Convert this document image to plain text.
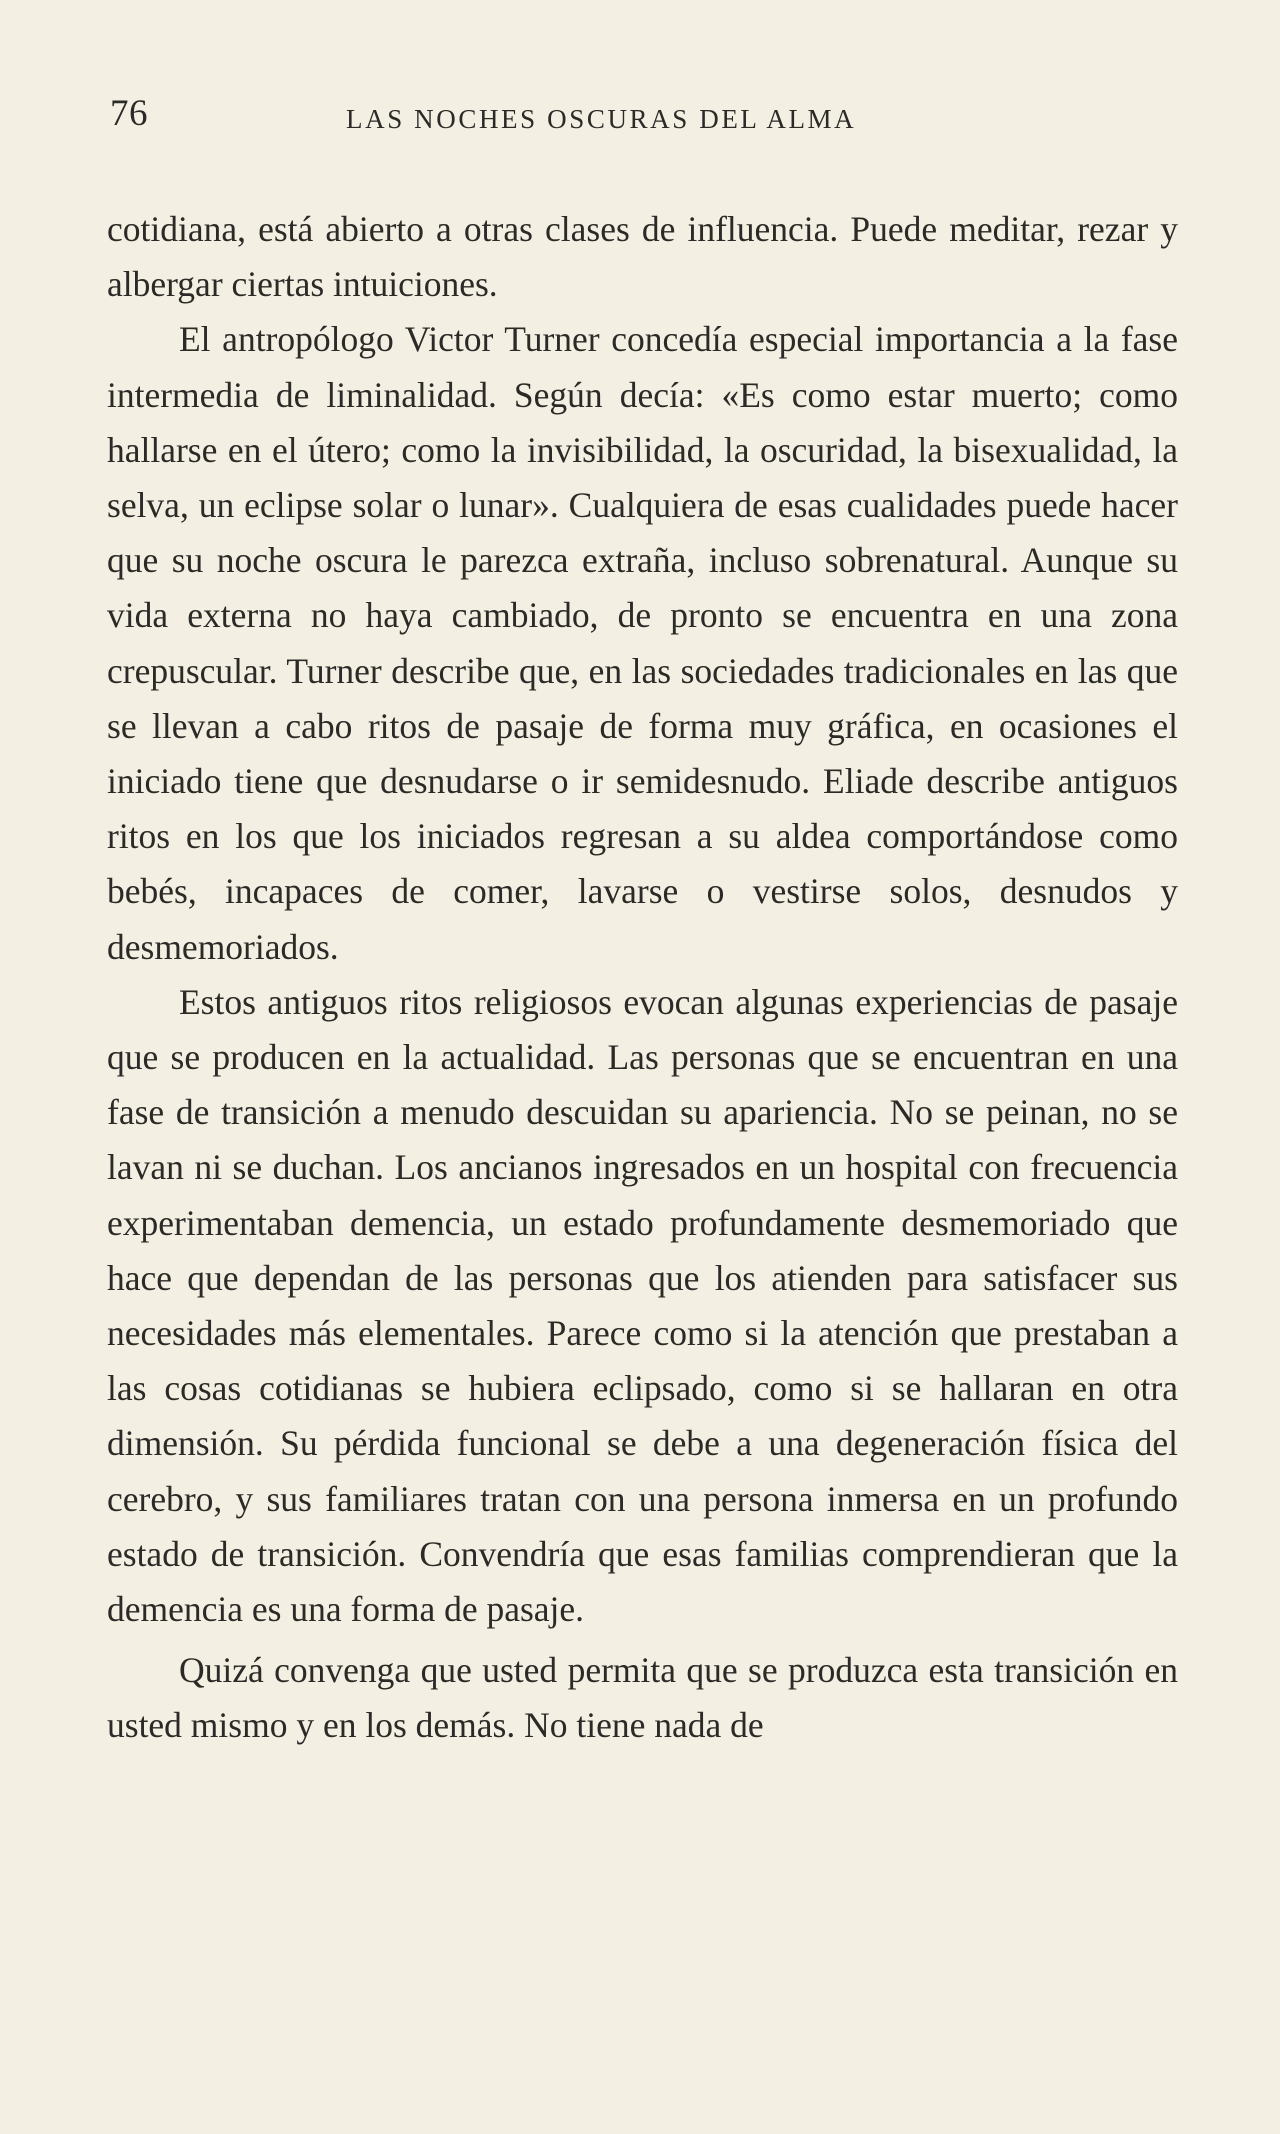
76	LAS NOCHES OSCURAS DEL ALMA

cotidiana, está abierto a otras clases de influencia. Puede meditar, rezar y albergar ciertas intuiciones.

El antropólogo Victor Turner concedía especial importancia a la fase intermedia de liminalidad. Según decía: «Es como estar muerto; como hallarse en el útero; como la invisibilidad, la oscuridad, la bisexualidad, la selva, un eclipse solar o lunar». Cualquiera de esas cualidades puede hacer que su noche oscura le parezca extraña, incluso sobrenatural. Aunque su vida externa no haya cambiado, de pronto se encuentra en una zona crepuscular. Turner describe que, en las sociedades tradicionales en las que se llevan a cabo ritos de pasaje de forma muy gráfica, en ocasiones el iniciado tiene que desnudarse o ir semidesnudo. Eliade describe antiguos ritos en los que los iniciados regresan a su aldea comportándose como bebés, incapaces de comer, lavarse o vestirse solos, desnudos y desmemoriados.

Estos antiguos ritos religiosos evocan algunas experiencias de pasaje que se producen en la actualidad. Las personas que se encuentran en una fase de transición a menudo descuidan su apariencia. No se peinan, no se lavan ni se duchan. Los ancianos ingresados en un hospital con frecuencia experimentaban demencia, un estado profundamente desmemoriado que hace que dependan de las personas que los atienden para satisfacer sus necesidades más elementales. Parece como si la atención que prestaban a las cosas cotidianas se hubiera eclipsado, como si se hallaran en otra dimensión. Su pérdida funcional se debe a una degeneración física del cerebro, y sus familiares tratan con una persona inmersa en un profundo estado de transición. Convendría que esas familias comprendieran que la demencia es una forma de pasaje.

Quizá convenga que usted permita que se produzca esta transición en usted mismo y en los demás. No tiene nada de
